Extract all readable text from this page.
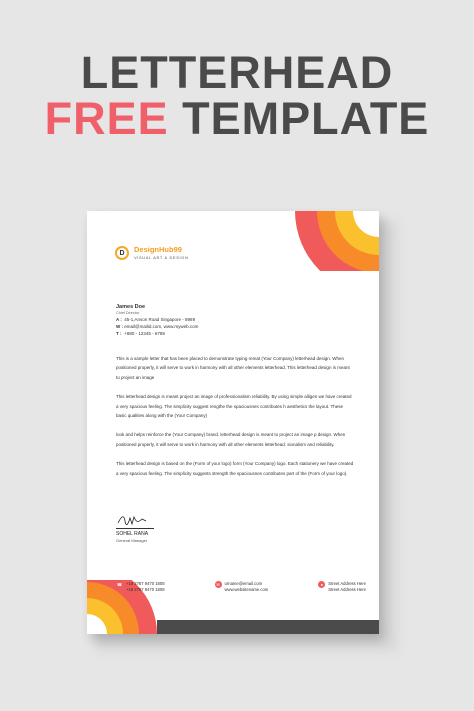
LETTERHEAD
FREE TEMPLATE
D	DesignHub99
VISUAL ART & DESIGN
James Doe
Chief Director
A : 45-1,Anson Road Singapore - 8989
W : email@mailid.com, www.myweb.com
T : +880 - 12345 - 6789

This is a sample letter that has been placed to demonstrate typing remat (Your Company) letterhead design. When positioned properly, it will serve to work in harmony with all other elements letterhead. This letterhead design is meant to project an image

This letterhead design is meant project an image of professionalism reliability. By using simple alligen we have created a very spacious feeling. The simplicity suggest rengthe the spaciousnes contributes h aesthetics the layout. These basic qualities along with the (Your Company)

look and helps reinforce the (Your Company) brand. letterhead design is meant to project an image p design. When positioned properly, it will serve to work in harmony with all other elements letterhead. sionalism and reliability.

This letterhead design is based on the (Form of your logo) form (Your Company) logo. Each stationery we have created a very spacious feeling. The simplicity suggests strength the spaciousnes contributes part of the (Form of your logo).

SOHEL RANA
General Manager
☎ +18 2767 9470 1808
+18 2767 9470 1808
✉	urname@email.com
www.websitename.com
●	Street Address Here
Street Address Here
